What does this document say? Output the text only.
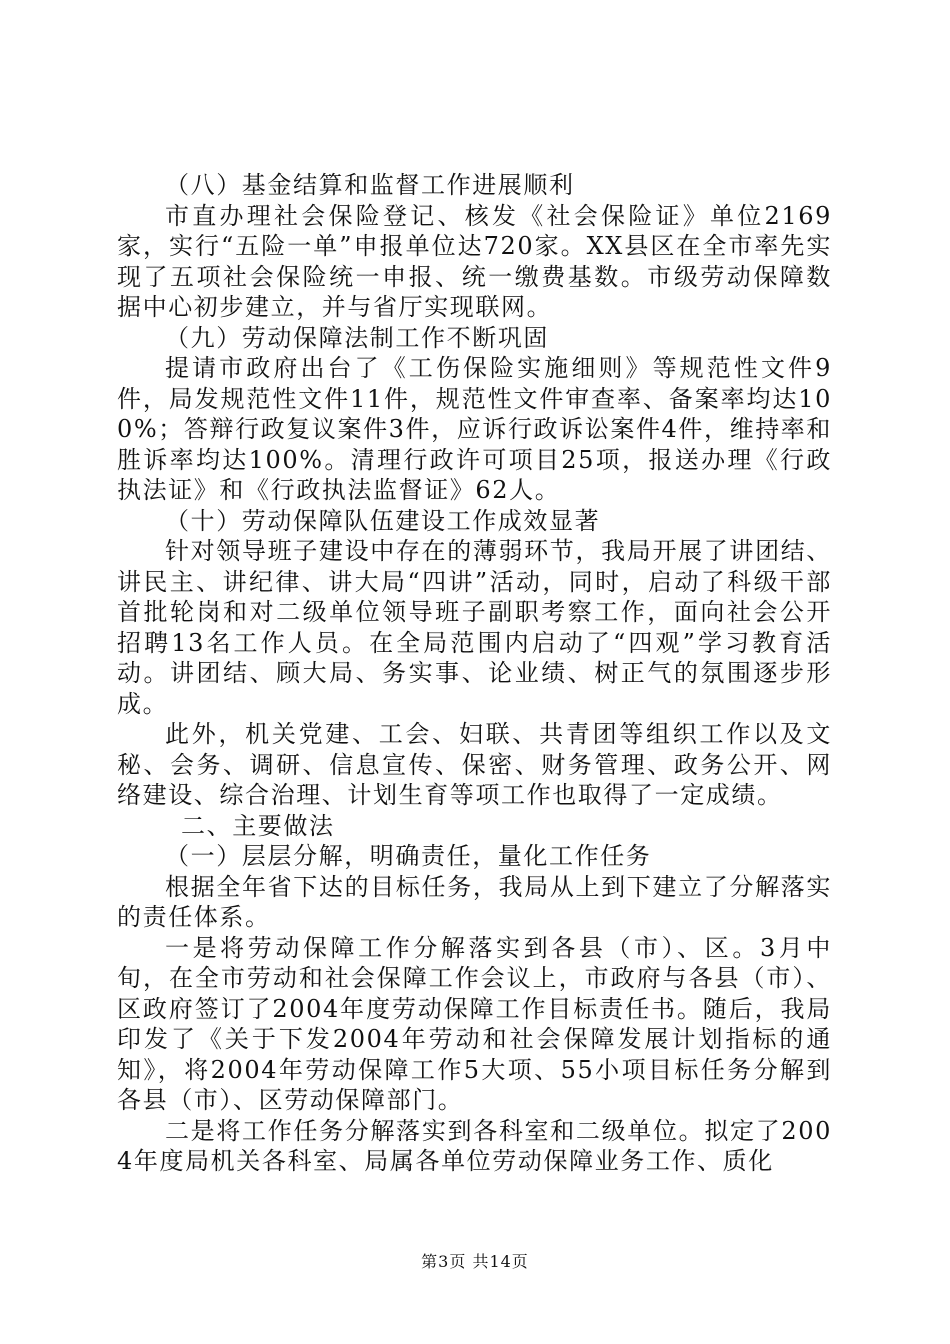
（八）基金结算和监督工作进展顺利

市直办理社会保险登记、核发《社会保险证》单位2169家，实行“五险一单”申报单位达720家。XX县区在全市率先实现了五项社会保险统一申报、统一缴费基数。市级劳动保障数据中心初步建立，并与省厅实现联网。

（九）劳动保障法制工作不断巩固

提请市政府出台了《工伤保险实施细则》等规范性文件9件，局发规范性文件11件，规范性文件审查率、备案率均达100%；答辩行政复议案件3件，应诉行政诉讼案件4件，维持率和胜诉率均达100%。清理行政许可项目25项，报送办理《行政执法证》和《行政执法监督证》62人。

（十）劳动保障队伍建设工作成效显著

针对领导班子建设中存在的薄弱环节，我局开展了讲团结、讲民主、讲纪律、讲大局“四讲”活动，同时，启动了科级干部首批轮岗和对二级单位领导班子副职考察工作，面向社会公开招聘13名工作人员。在全局范围内启动了“四观”学习教育活动。讲团结、顾大局、务实事、论业绩、树正气的氛围逐步形成。

此外，机关党建、工会、妇联、共青团等组织工作以及文秘、会务、调研、信息宣传、保密、财务管理、政务公开、网络建设、综合治理、计划生育等项工作也取得了一定成绩。

二、主要做法

（一）层层分解，明确责任，量化工作任务

根据全年省下达的目标任务，我局从上到下建立了分解落实的责任体系。

一是将劳动保障工作分解落实到各县（市）、区。3月中旬，在全市劳动和社会保障工作会议上，市政府与各县（市）、区政府签订了2004年度劳动保障工作目标责任书。随后，我局印发了《关于下发2004年劳动和社会保障发展计划指标的通知》，将2004年劳动保障工作5大项、55小项目标任务分解到各县（市）、区劳动保障部门。

二是将工作任务分解落实到各科室和二级单位。拟定了2004年度局机关各科室、局属各单位劳动保障业务工作、质化

第3页 共14页
